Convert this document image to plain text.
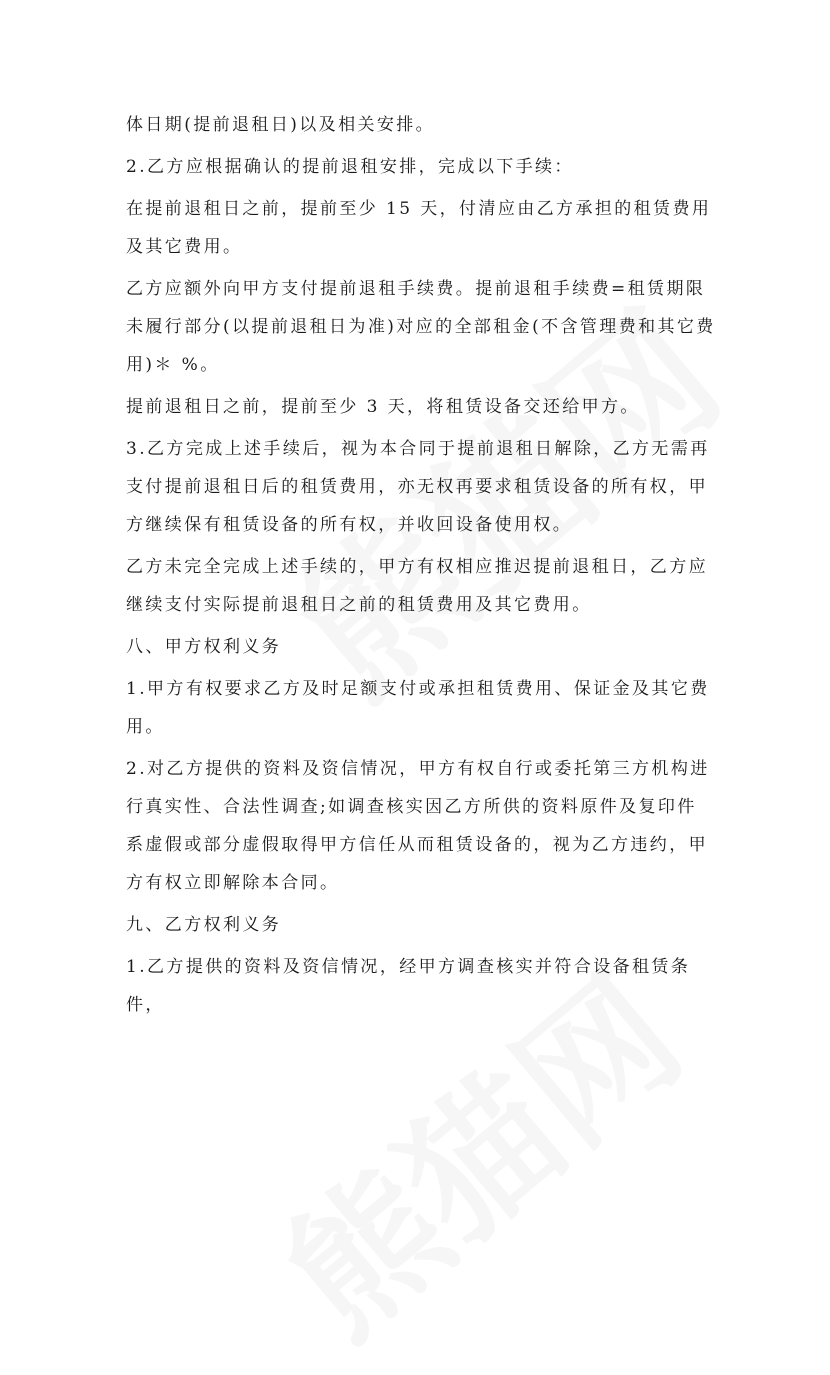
体日期(提前退租日)以及相关安排。

2.乙方应根据确认的提前退租安排，完成以下手续：

在提前退租日之前，提前至少 15 天，付清应由乙方承担的租赁费用及其它费用。

乙方应额外向甲方支付提前退租手续费。提前退租手续费=租赁期限未履行部分(以提前退租日为准)对应的全部租金(不含管理费和其它费用)＊ %。

提前退租日之前，提前至少 3 天，将租赁设备交还给甲方。

3.乙方完成上述手续后，视为本合同于提前退租日解除，乙方无需再支付提前退租日后的租赁费用，亦无权再要求租赁设备的所有权，甲方继续保有租赁设备的所有权，并收回设备使用权。

乙方未完全完成上述手续的，甲方有权相应推迟提前退租日，乙方应继续支付实际提前退租日之前的租赁费用及其它费用。

八、甲方权利义务

1.甲方有权要求乙方及时足额支付或承担租赁费用、保证金及其它费用。

2.对乙方提供的资料及资信情况，甲方有权自行或委托第三方机构进行真实性、合法性调查;如调查核实因乙方所供的资料原件及复印件系虚假或部分虚假取得甲方信任从而租赁设备的，视为乙方违约，甲方有权立即解除本合同。

九、乙方权利义务

1.乙方提供的资料及资信情况，经甲方调查核实并符合设备租赁条件，
